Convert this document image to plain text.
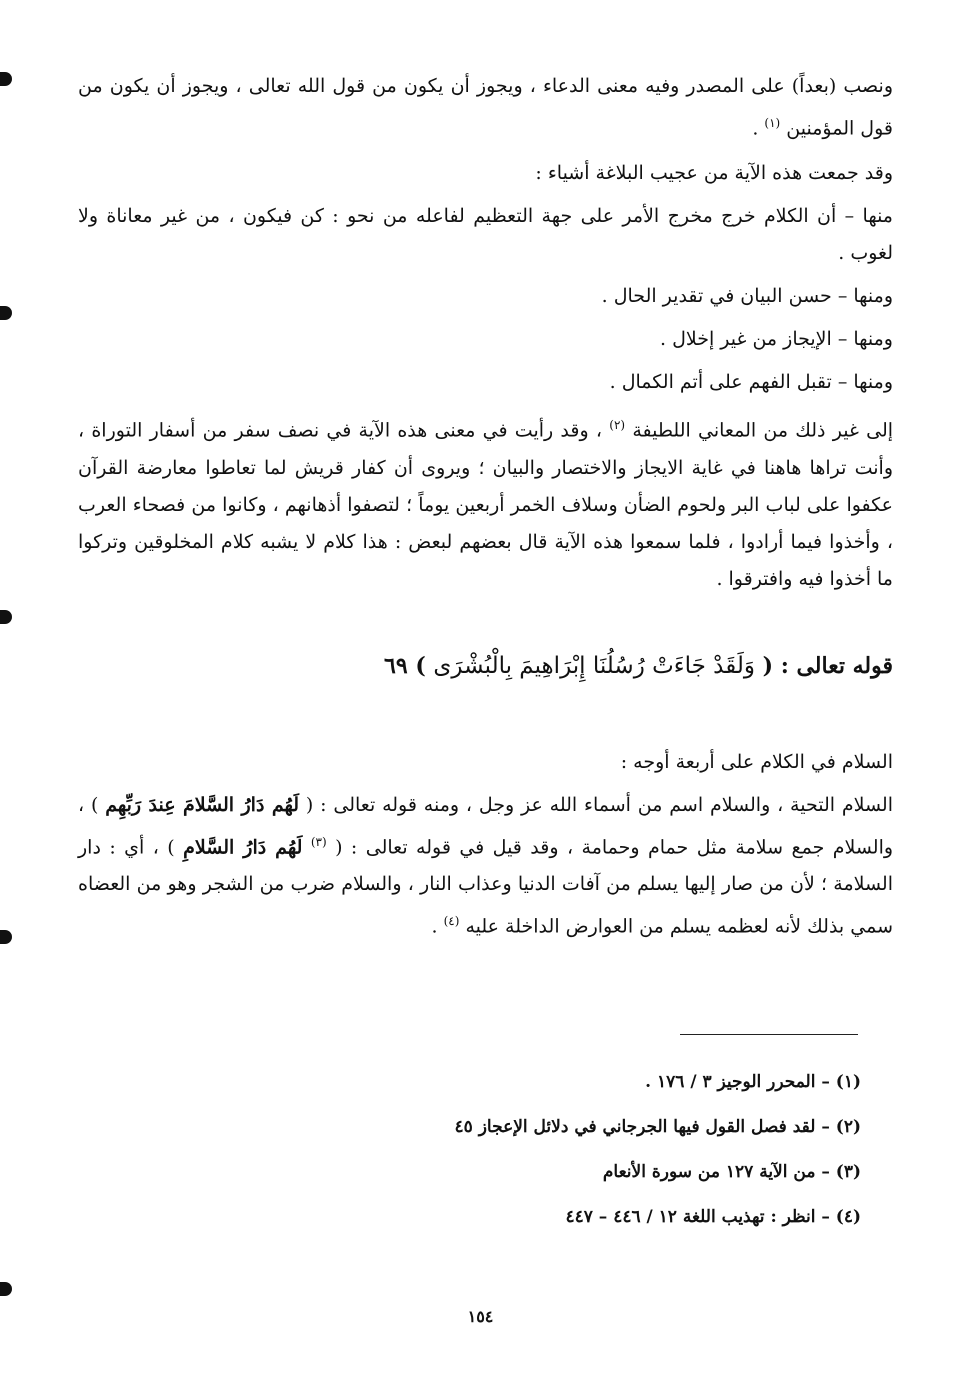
ونصب (بعداً) على المصدر وفيه معنى الدعاء ، ويجوز أن يكون من قول الله تعالى ، ويجوز أن يكون من قول المؤمنين $^{(١)}$ .

وقد جمعت هذه الآية من عجيب البلاغة أشياء :

منها – أن الكلام خرج مخرج الأمر على جهة التعظيم لفاعله من نحو : كن فيكون ، من غير معاناة ولا لغوب .

ومنها – حسن البيان في تقدير الحال .

ومنها – الإيجاز من غير إخلال .

ومنها – تقبل الفهم على أتم الكمال .

إلى غير ذلك من المعاني اللطيفة $^{(٢)}$ ، وقد رأيت في معنى هذه الآية في نصف سفر من أسفار التوراة ، وأنت تراها هاهنا في غاية الايجاز والاختصار والبيان ؛ ويروى أن كفار قريش لما تعاطوا معارضة القرآن عكفوا على لباب البر ولحوم الضأن وسلاف الخمر أربعين يوماً ؛ لتصفوا أذهانهم ، وكانوا من فصحاء العرب ، وأخذوا فيما أرادوا ، فلما سمعوا هذه الآية قال بعضهم لبعض : هذا كلام لا يشبه كلام المخلوقين وتركوا ما أخذوا فيه وافترقوا .

قوله تعالى : ( وَلَقَدْ جَاءَتْ رُسُلُنَا إِبْرَاهِيمَ بِالْبُشْرَى ) ٦٩

السلام في الكلام على أربعة أوجه :

السلام التحية ، والسلام اسم من أسماء الله عز وجل ، ومنه قوله تعالى : ( لَهُم دَارُ السَّلامَ عِندَ رَبِّهِم ) ، والسلام جمع سلامة مثل حمام وحمامة ، وقد قيل في قوله تعالى : ( $^{(٣)}$ لَهُم دَارُ السَّلامِ ) ، أي : دار السلامة ؛ لأن من صار إليها يسلم من آفات الدنيا وعذاب النار ، والسلام ضرب من الشجر وهو من العضاه سمي بذلك لأنه لعظمه يسلم من العوارض الداخلة عليه $^{(٤)}$ .

(١) – المحرر الوجيز ٣ / ١٧٦ .
(٢) – لقد فصل القول فيها الجرجاني في دلائل الإعجاز ٤٥
(٣) – من الآية ١٢٧ من سورة الأنعام
(٤) – انظر : تهذيب اللغة ١٢ / ٤٤٦ – ٤٤٧
١٥٤
